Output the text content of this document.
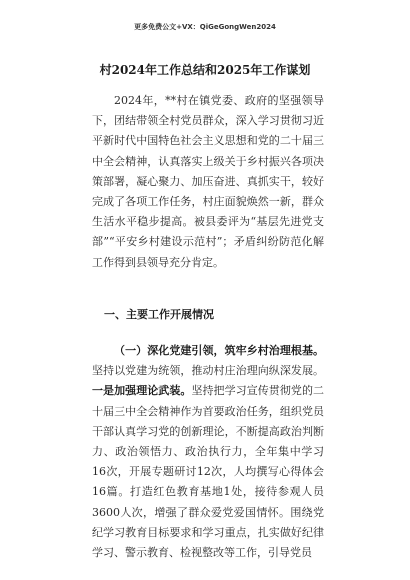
更多免费公文+VX：QiGeGongWen2024
村2024年工作总结和2025年工作谋划

2024年，**村在镇党委、政府的坚强领导下，团结带领全村党员群众，深入学习贯彻习近平新时代中国特色社会主义思想和党的二十届三中全会精神，认真落实上级关于乡村振兴各项决策部署，凝心聚力、加压奋进、真抓实干，较好完成了各项工作任务，村庄面貌焕然一新，群众生活水平稳步提高。被县委评为“基层先进党支部”“平安乡村建设示范村”；矛盾纠纷防范化解工作得到县领导充分肯定。

一、主要工作开展情况

（一）深化党建引领，筑牢乡村治理根基。坚持以党建为统领，推动村庄治理向纵深发展。一是加强理论武装。坚持把学习宣传贯彻党的二十届三中全会精神作为首要政治任务，组织党员干部认真学习党的创新理论，不断提高政治判断力、政治领悟力、政治执行力，全年集中学习16次，开展专题研讨12次，人均撰写心得体会16篇。打造红色教育基地1处，接待参观人员3600人次，增强了群众爱党爱国情怀。围绕党纪学习教育目标要求和学习重点，扎实做好纪律学习、警示教育、检视整改等工作，引导党员
